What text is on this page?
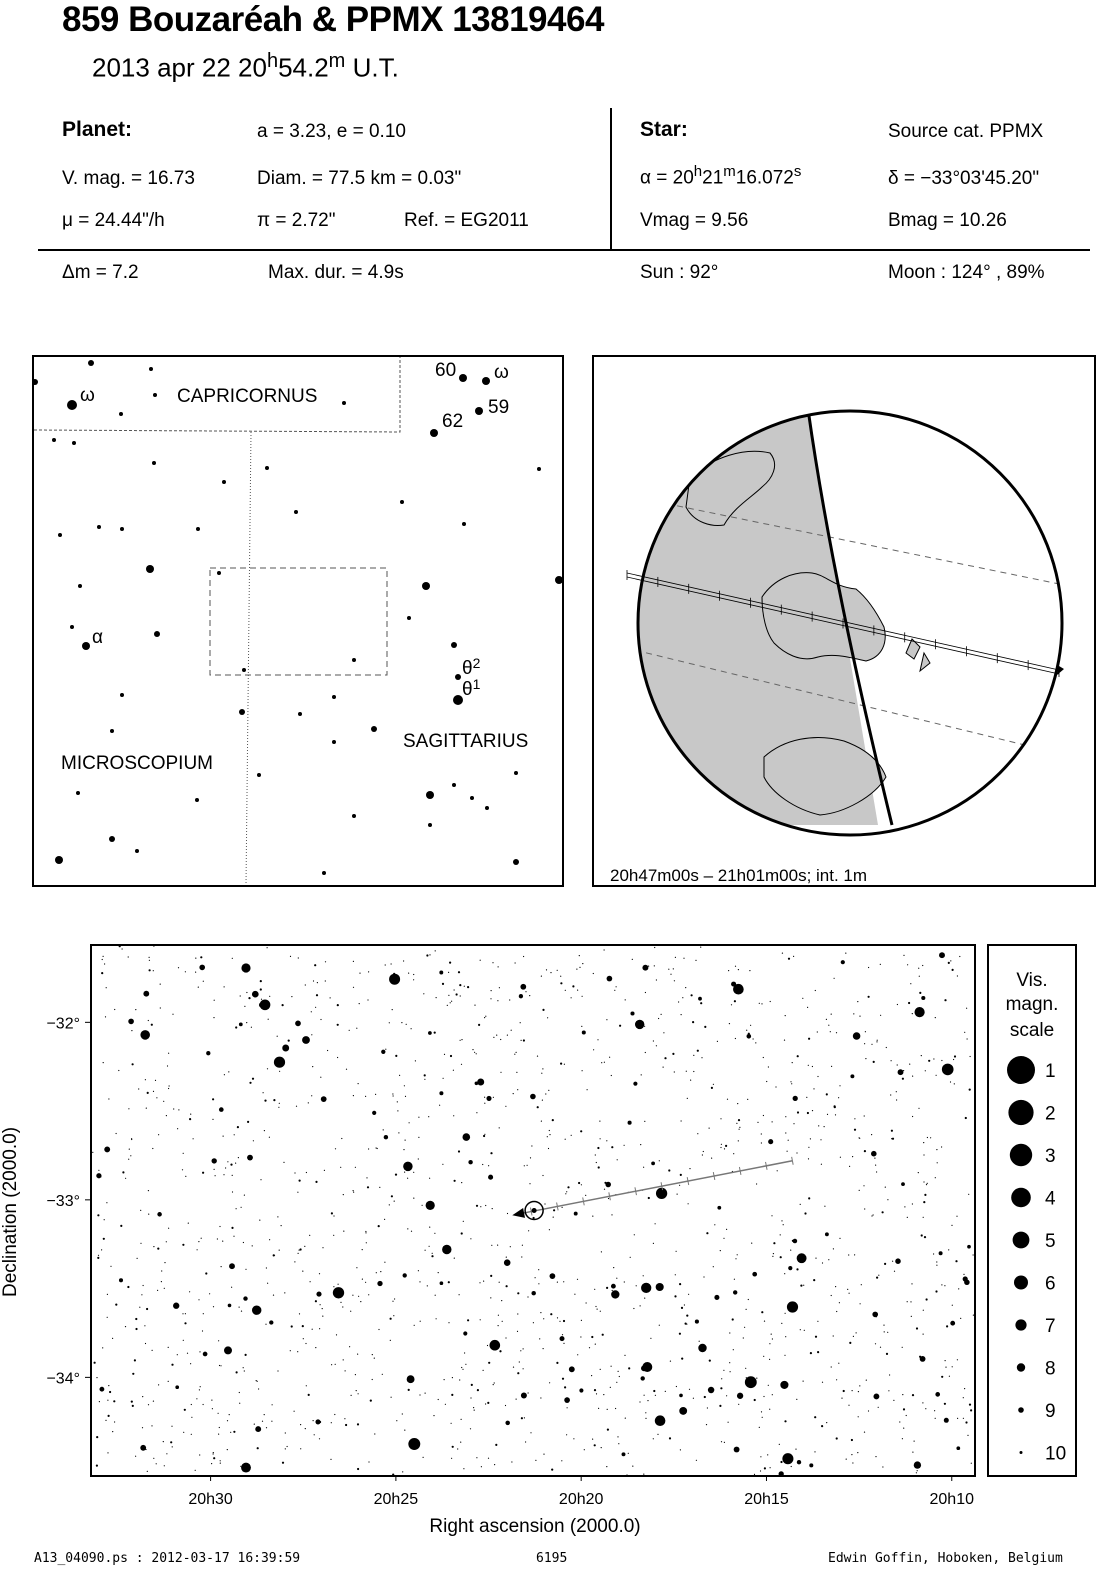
859 Bouzaréah & PPMX 13819464
2013 apr 22 20$^h$54.2$^m$ U.T.
Planet:	a = 3.23, e = 0.10
V. mag. = 16.73	Diam. = 77.5 km = 0.03"
μ = 24.44"/h	π = 2.72"	Ref. = EG2011
Star:	Source cat. PPMX
$\alpha = 20^h21^m16.072^s$	δ = −33°03'45.20"
Vmag = 9.56	Bmag = 10.26
Δm = 7.2	Max. dur. = 4.9s	Sun : 92°	Moon : 124° , 89%
CAPRICORNUS
MICROSCOPIUM
SAGITTARIUS
ω
α
60 ω
59
62
$\theta^2$
$\theta^1$
20h47m00s – 21h01m00s; int. 1m
20h30	20h25	20h20	20h15	20h10
−32°
−33°
−34°
Right ascension (2000.0)
Declination (2000.0)
Vis.
magn.
scale
1
2
3
4
5
6
7
8
9
10
A13_04090.ps : 2012-03-17 16:39:59	6195	Edwin Goffin, Hoboken, Belgium
